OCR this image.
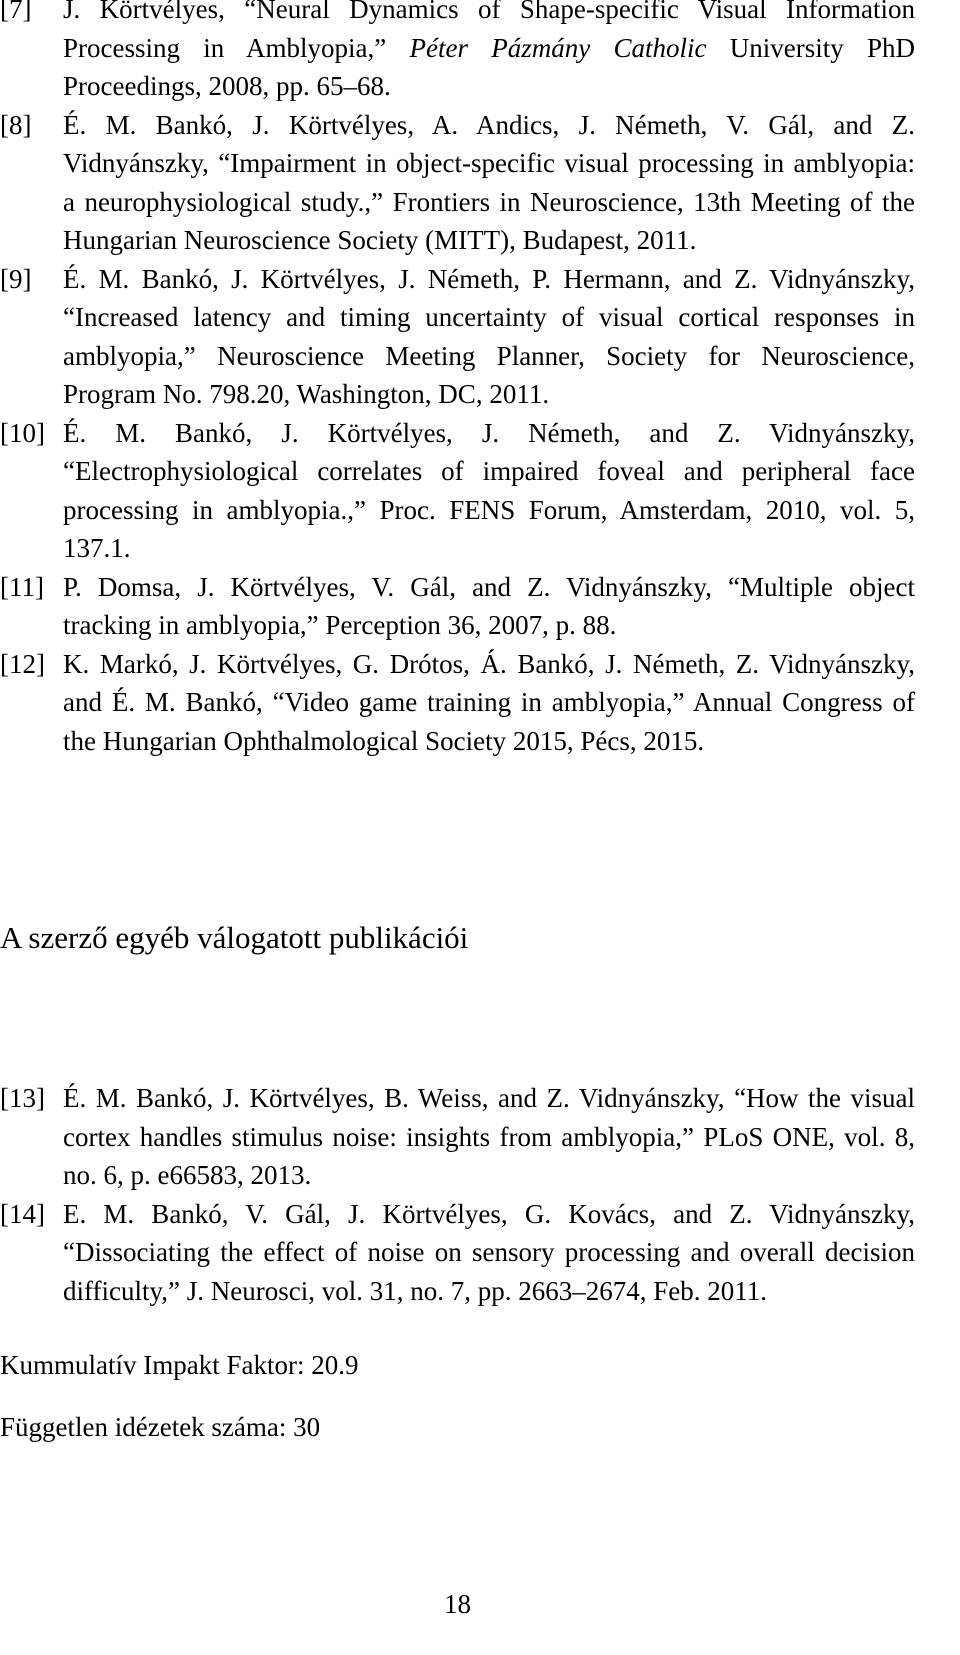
[7] J. Körtvélyes, “Neural Dynamics of Shape-specific Visual Information Processing in Amblyopia,” Péter Pázmány Catholic University PhD Proceedings, 2008, pp. 65–68.
[8] É. M. Bankó, J. Körtvélyes, A. Andics, J. Németh, V. Gál, and Z. Vidnyánszky, “Impairment in object-specific visual processing in amblyopia: a neurophysiological study.,” Frontiers in Neuroscience, 13th Meeting of the Hungarian Neuroscience Society (MITT), Budapest, 2011.
[9] É. M. Bankó, J. Körtvélyes, J. Németh, P. Hermann, and Z. Vidnyánszky, “Increased latency and timing uncertainty of visual cortical responses in amblyopia,” Neuroscience Meeting Planner, Society for Neuroscience, Program No. 798.20, Washington, DC, 2011.
[10] É. M. Bankó, J. Körtvélyes, J. Németh, and Z. Vidnyánszky, “Electrophysiological correlates of impaired foveal and peripheral face processing in amblyopia.,” Proc. FENS Forum, Amsterdam, 2010, vol. 5, 137.1.
[11] P. Domsa, J. Körtvélyes, V. Gál, and Z. Vidnyánszky, “Multiple object tracking in amblyopia,” Perception 36, 2007, p. 88.
[12] K. Markó, J. Körtvélyes, G. Drótos, Á. Bankó, J. Németh, Z. Vidnyánszky, and É. M. Bankó, “Video game training in amblyopia,” Annual Congress of the Hungarian Ophthalmological Society 2015, Pécs, 2015.
A szerző egyéb válogatott publikációi
[13] É. M. Bankó, J. Körtvélyes, B. Weiss, and Z. Vidnyánszky, “How the visual cortex handles stimulus noise: insights from amblyopia,” PLoS ONE, vol. 8, no. 6, p. e66583, 2013.
[14] E. M. Bankó, V. Gál, J. Körtvélyes, G. Kovács, and Z. Vidnyánszky, “Dissociating the effect of noise on sensory processing and overall decision difficulty,” J. Neurosci, vol. 31, no. 7, pp. 2663–2674, Feb. 2011.
Kummulatív Impakt Faktor: 20.9
Független idézetek száma: 30
18
